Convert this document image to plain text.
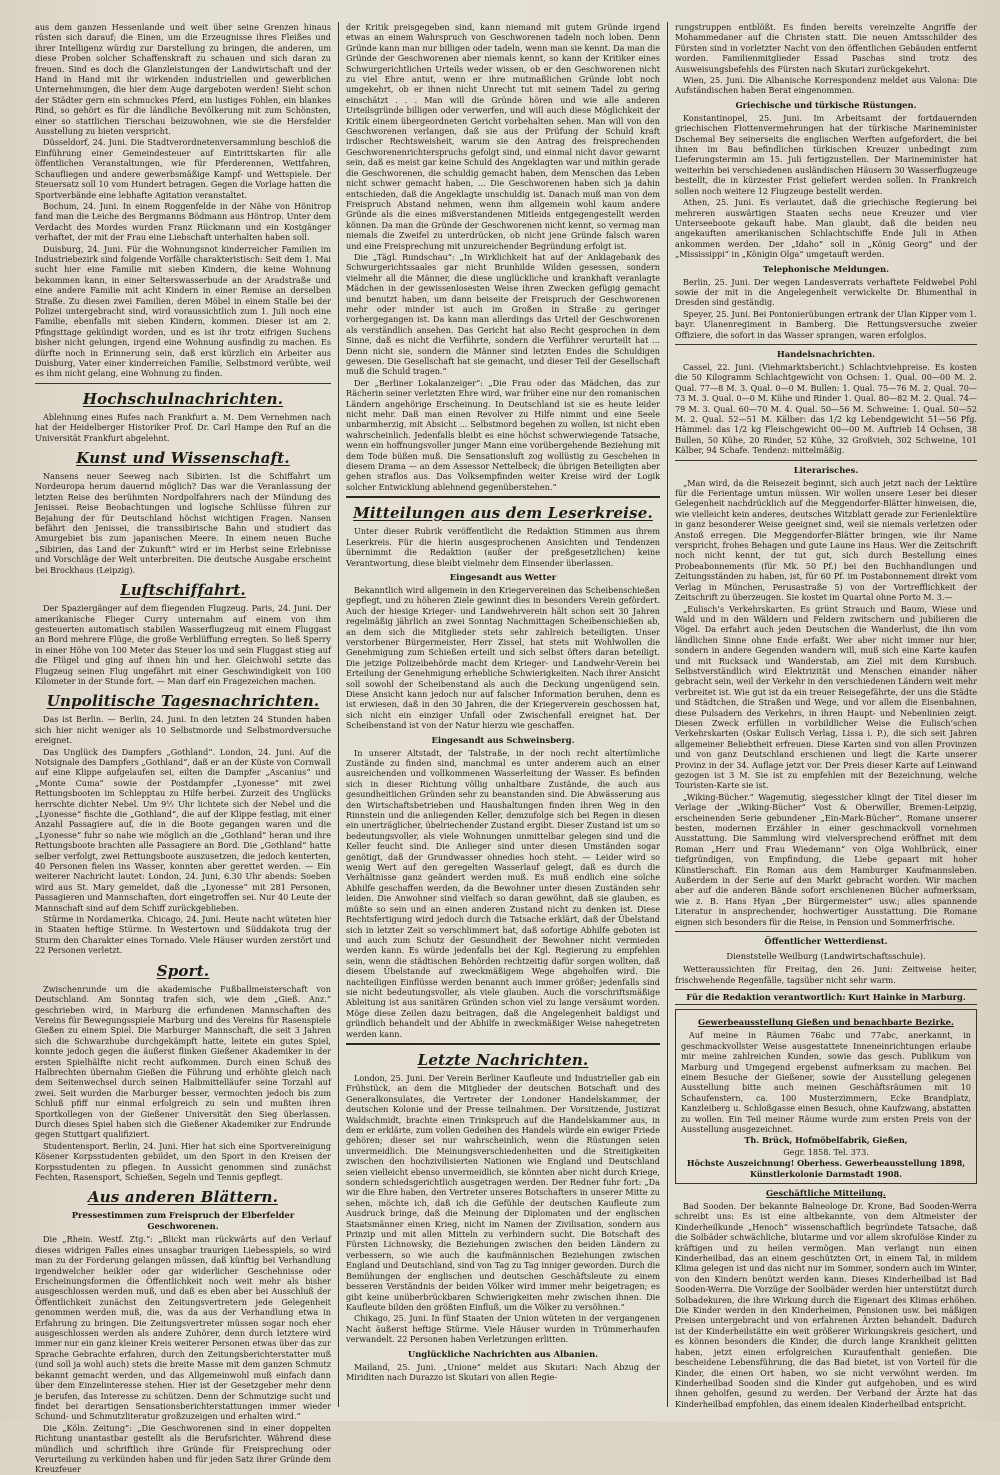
aus dem ganzen Hessenlande und weit über seine Grenzen hinaus rüsten sich darauf; die Einen, um die Erzeugnisse ihres Fleißes und ihrer Intelligenz würdig zur Darstellung zu bringen, die anderen, um diese Proben solcher Schaffenskraft zu schauen und sich daran zu freuen. Sind es doch die Glanzleistungen der Landwirtschaft und der Hand in Hand mit ihr wirkenden industriellen und gewerblichen Unternehmungen, die hier dem Auge dargeboten werden! Sieht schon der Städter gern ein schmuckes Pferd, ein lustiges Fohlen, ein blankes Rind, so gehört es für die ländliche Bevölkerung mit zum Schönsten, einer so stattlichen Tierschau beizuwohnen, wie sie die Hersfelder Ausstellung zu bieten verspricht.

Düsseldorf, 24. Juni. Die Stadtverordnetenversammlung beschloß die Einführung einer Gemeindesteuer auf Eintrittskarten für alle öffentlichen Veranstaltungen, wie für Pferderennen, Wettfahren, Schaufliegen und andere gewerbsmäßige Kampf- und Wettspiele. Der Steuersatz soll 10 vom Hundert betragen. Gegen die Vorlage hatten die Sportverbände eine lebhafte Agitation veranstaltet.

Bochum, 24. Juni. In einem Roggenfelde in der Nähe von Hönitrop fand man die Leiche des Bergmanns Bödmann aus Höntrop. Unter dem Verdacht des Mordes wurden Franz Rückmann und ein Kostgänger verhaftet, der mit der Frau eine Liebschaft unterhalten haben soll.

Duisburg, 24. Juni. Für die Wohnungsnot kinderreicher Familien im Industriebezirk sind folgende Vorfälle charakteristisch: Seit dem 1. Mai sucht hier eine Familie mit sieben Kindern, die keine Wohnung bekommen kann, in einer Selterswasserbude an der Aradstraße und eine andere Familie mit acht Kindern in einer Remise an derselben Straße. Zu diesen zwei Familien, deren Möbel in einem Stalle bei der Polizei untergebracht sind, wird voraussichtlich zum 1. Juli noch eine Familie, ebenfalls mit sieben Kindern, kommen. Dieser ist am 2. Pfingsttage gekündigt worden, und es ist ihr trotz eifrigen Suchens bisher nicht gelungen, irgend eine Wohnung ausfindig zu machen. Es dürfte noch in Erinnerung sein, daß erst kürzlich ein Arbeiter aus Duisburg, Vater einer kinderreichen Familie, Selbstmord verübte, weil es ihm nicht gelang, eine Wohnung zu finden.

Hochschulnachrichten.

Ablehnung eines Rufes nach Frankfurt a. M. Dem Vernehmen nach hat der Heidelberger Historiker Prof. Dr. Carl Hampe den Ruf an die Universität Frankfurt abgelehnt.

Kunst und Wissenschaft.

Nansens neuer Seeweg nach Sibirien. Ist die Schiffahrt um Nordeuropa herum dauernd möglich? Das war die Veranlassung der letzten Reise des berühmten Nordpolfahrers nach der Mündung des Jenissei. Reise Beobachtungen und logische Schlüsse führen zur Bejahung der für Deutschland höchst wichtigen Fragen. Nansen befährt den Jenissei, die transsibirische Bahn und studiert das Amurgebiet bis zum japanischen Meere. In einem neuen Buche „Sibirien, das Land der Zukunft“ wird er im Herbst seine Erlebnisse und Vorschläge der Welt unterbreiten. Die deutsche Ausgabe erscheint bei Brockhaus (Leipzig).

Luftschiffahrt.

Der Spaziergänger auf dem fliegenden Flugzeug. Paris, 24. Juni. Der amerikanische Flieger Curry unternahm auf einem von ihm gesteuerten automatisch stabilen Wasserflugzeug mit einem Fluggast an Bord mehrere Flüge, die große Verblüffung erregten. So ließ Sperry in einer Höhe von 100 Meter das Steuer los und sein Fluggast stieg auf die Flügel und ging auf ihnen hin und her. Gleichwohl setzte das Flugzeug seinen Flug ungefährt mit einer Geschwindigkeit von 100 Kilometer in der Stunde fort. — Man darf ein Fragezeichen machen.

Unpolitische Tagesnachrichten.

Das ist Berlin. — Berlin, 24. Juni. In den letzten 24 Stunden haben sich hier nicht weniger als 10 Selbstmorde und Selbstmordversuche ereignet.

Das Unglück des Dampfers „Gothland“. London, 24. Juni. Auf die Notsignale des Dampfers „Gothland“, daß er an der Küste von Cornwall auf eine Klippe aufgelaufen sei, eilten die Dampfer „Ascanius“ und „Monte Cuma“ sowie der Postdampfer „Lyonesse“ mit zwei Rettungsbooten im Schlepptau zu Hilfe herbei. Zurzeit des Unglücks herrschte dichter Nebel. Um 9½ Uhr lichtete sich der Nebel und die „Lyonesse“ fischte die „Gothland“, die auf der Klippe festlag, mit einer Anzahl Passagiere auf, die in die Boote gegangen waren und die „Lyonesse“ fuhr so nahe wie möglich an die „Gothland“ heran und ihre Rettungsboote brachten alle Passagiere an Bord. Die „Gothland“ hatte selber verfolgt, zwei Rettungsboote auszusetzen, die jedoch kenterten, 40 Personen fielen ins Wasser, konnten aber gerettet werden. — Ein weiterer Nachricht lautet: London, 24. Juni, 6.30 Uhr abends: Soeben wird aus St. Mary gemeldet, daß die „Lyonesse“ mit 281 Personen, Passagieren und Mannschaften, dort eingetroffen sei. Nur 40 Leute der Mannschaft sind auf dem Schiff zurückgeblieben.

Stürme in Nordamerika. Chicago, 24. Juni. Heute nacht wüteten hier in Staaten heftige Stürme. In Westertown und Süddakota trug der Sturm den Charakter eines Tornado. Viele Häuser wurden zerstört und 22 Personen verletzt.

Sport.

Zwischenrunde um die akademische Fußballmeisterschaft von Deutschland. Am Sonntag trafen sich, wie dem „Gieß. Anz.“ geschrieben wird, in Marburg die erfundenen Mannschaften des Vereins für Bewegungsspiele Marburg und des Vereins für Rasenspiele Gießen zu einem Spiel. Die Marburger Mannschaft, die seit 3 Jahren sich die Schwarzhube durchgekämpft hatte, leitete ein gutes Spiel, konnte jedoch gegen die äußerst flinken Gießener Akademiker in der ersten Spielhälfte nicht recht aufkommen. Durch einen Schuß des Halbrechten übernahm Gießen die Führung und erhöhte gleich nach dem Seitenwechsel durch seinen Halbmittelläufer seine Torzahl auf zwei. Seit wurden die Marburger besser, vermochten jedoch bis zum Schluß pfiff nur einmal erfolgreich zu sein und mußten ihren Sportkollegen von der Gießener Universität den Sieg überlassen. Durch dieses Spiel haben sich die Gießener Akademiker zur Endrunde gegen Stuttgart qualifiziert.

Studentensport. Berlin, 24. Juni. Hier hat sich eine Sportvereinigung Kösener Korpsstudenten gebildet, um den Sport in den Kreisen der Korpsstudenten zu pflegen. In Aussicht genommen sind zunächst Fechten, Rasensport, Schießen, Segeln und Tennis gepflegt.

Aus anderen Blättern.
Pressestimmen zum Freispruch der Elberfelder Geschworenen.

Die „Rhein. Westf. Ztg.“: „Blickt man rückwärts auf den Verlauf dieses widrigen Falles eines unsagbar traurigen Liebesspiels, so wird man zu der Forderung gelangen müssen, daß künftig bei Verhandlung irgendwelcher heikler oder gar widerlicher Geschehnisse oder Erscheinungsformen die Öffentlichkeit noch weit mehr als bisher ausgeschlossen werden muß, und daß es eben aber bei Ausschluß der Öffentlichkeit zunächst den Zeitungsvertretern jede Gelegenheit genommen werden muß, die, was da aus der Verhandlung etwa in Erfahrung zu bringen. Die Zeitungsvertreter müssen sogar noch eher ausgeschlossen werden als andere Zuhörer, denn durch letztere wird immer nur ein ganz kleiner Kreis weiterer Personen etwas über das zur Sprache Gebrachte erfahren, durch den Zeitungsberichterstatter muß (und soll ja wohl auch) stets die breite Masse mit dem ganzen Schmutz bekannt gemacht werden, und das Allgemeinwohl muß einfach dann über dem Einzelinteresse stehen. Hier ist der Gesetzgeber mehr denn je berufen, das Interesse zu schützen. Denn der Schmutzige sucht und findet bei derartigen Sensationsberichterstattungen immer wieder Schund- und Schmutzliteratur großzuzeigen und erhalten wird.“

Die „Köln. Zeitung“: „Die Geschworenen sind in einer doppelten Richtung unantastbar gestellt als die Berufsrichter. Während diese mündlich und schriftlich ihre Gründe für Freisprechung oder Verurteilung zu verkünden haben und für jeden Satz ihrer Gründe dem Kreuzfeuer

der Kritik preisgegeben sind, kann niemand mit gutem Gründe irgend etwas an einem Wahrspruch von Geschworenen tadeln noch loben. Denn Gründe kann man nur billigen oder tadeln, wenn man sie kennt. Da man die Gründe der Geschworenen aber niemals kennt, so kann der Kritiker eines Schwurgerichtlichen Urteils weder wissen, ob er den Geschworenen nicht zu viel Ehre antut, wenn er ihre mutmaßlichen Gründe lobt noch umgekehrt, ob er ihnen nicht Unrecht tut mit seinem Tadel zu gering einschätzt . . . Man will die Gründe hören und wie alle anderen Urteilsgründe billigen oder verwerfen, und will auch diese Möglichkeit der Kritik einem übergeordneten Gericht vorbehalten sehen. Man will von den Geschworenen verlangen, daß sie aus der Prüfung der Schuld kraft irdischer Rechtsweisheit, warum sie den Antrag des freisprechenden Geschworenenrichterspruchs gefolgt sind, und einmal nicht davor gewarnt sein, daß es meist gar keine Schuld des Angeklagten war und mithin gerade die Geschworenen, die schuldig gemacht haben, dem Menschen das Leben nicht schwer gemacht haben, ... Die Geschworenen haben sich ja dahin entschieden, daß die Angeklagte unschuldig ist. Danach muß man von dem Freispruch Abstand nehmen, wenn ihm allgemein wohl kaum andere Gründe als die eines mißverstandenen Mitleids entgegengestellt werden können. Da man die Gründe der Geschworenen nicht kennt, so vermag man niemals die Zweifel zu unterdrücken, ob nicht jene Gründe falsch waren und eine Freisprechung mit unzureichender Begründung erfolgt ist.

Die „Tägl. Rundschau“: „In Wirklichkeit hat auf der Anklagebank des Schwurgerichtssaales gar nicht Brunhilde Wilden gesessen, sondern vielmehr all die Männer, die diese unglückliche und krankhaft veranlagte Mädchen in der gewissenlosesten Weise ihren Zwecken gefügig gemacht und benutzt haben, um dann beiseite der Freispruch der Geschworenen mehr oder minder ist auch im Großen in Straße zu geringer vorhergegangen ist. Da kann man allerdings das Urteil der Geschworenen als verständlich ansehen. Das Gericht hat also Recht gesprochen in dem Sinne, daß es nicht die Verführte, sondern die Verführer verurteilt hat ... Denn nicht sie, sondern die Männer sind letzten Endes die Schuldigen gewesen. Die Gesellschaft hat sie gemacht, und dieser Teil der Gesellschaft muß die Schuld tragen.“

Der „Berliner Lokalanzeiger“: „Die Frau oder das Mädchen, das zur Rächerin seiner verletzten Ehre wird, war früher eine nur den romanischen Ländern angehörige Erscheinung. In Deutschland ist sie es heute leider nicht mehr. Daß man einen Revolver zu Hilfe nimmt und eine Seele unbarmherzig, mit Absicht ... Selbstmord begehen zu wollen, ist nicht eben wahrscheinlich. Jedenfalls bleibt es eine höchst schwerwiegende Tatsache, wenn ein hoffnungsvoller junger Mann eine vorübergehende Beziehung mit dem Tode büßen muß. Die Sensationsluft zog wollüstig zu Geschehen in diesem Drama — an dem Assessor Nettelbeck; die übrigen Beteiligten aber gehen straflos aus. Das Volksempfinden weiter Kreise wird der Logik solcher Entwicklung ablehnend gegenüberstehen.“

Mitteilungen aus dem Leserkreise.

Unter dieser Rubrik veröffentlicht die Redaktion Stimmen aus ihrem Leserkreis. Für die hierin ausgesprochenen Ansichten und Tendenzen übernimmt die Redaktion (außer der preßgesetzlichen) keine Verantwortung, diese bleibt vielmehr dem Einsender überlassen.

Eingesandt aus Wetter

Bekanntlich wird allgemein in den Kriegervereinen das Scheibenschießen gepflegt, und zu höheren Ziele gewinnt dies in besonders Verein gefördert. Auch der hiesige Krieger- und Landwehrverein hält schon seit 30 Jahren regelmäßig jährlich an zwei Sonntag Nachmittagen Scheibenschießen ab, an dem sich die Mitglieder stets sehr zahlreich beteiligten. Unser verstorbener Bürgermeister, Herr Zissel, hat stets mit Wohlwollen die Genehmigung zum Schießen erteilt und sich selbst öfters daran beteiligt. Die jetzige Polizeibehörde macht dem Krieger- und Landwehr-Verein bei Erteilung der Genehmigung erhebliche Schwierigkeiten. Nach ihrer Ansicht soll sowohl der Scheibenstand als auch die Deckung ungenügend sein. Diese Ansicht kann jedoch nur auf falscher Information beruhen, denn es ist erwiesen, daß in den 30 Jahren, die der Kriegerverein geschossen hat, sich nicht ein einziger Unfall oder Zwischenfall ereignet hat. Der Scheibenstand ist von der Natur hierzu wie geschaffen.

Eingesandt aus Schweinsberg.

In unserer Altstadt, der Talstraße, in der noch recht altertümliche Zustände zu finden sind, manchmal es unter anderem auch an einer ausreichenden und vollkommenen Wasserleitung der Wasser. Es befinden sich in dieser Richtung völlig unhaltbare Zustände, die auch aus gesundheitlichen Gründen sehr zu beanstanden sind. Die Abwässerung aus den Wirtschaftsbetrieben und Haushaltungen finden ihren Weg in den Rinnstein und die anliegenden Keller, demzufolge sich bei Regen in diesen ein unerträglicher, übelriechender Zustand ergibt. Dieser Zustand ist um so bedeutungsvoller, als viele Wohnungen unmittelbar gelegen sind und die Keller feucht sind. Die Anlieger sind unter diesen Umständen sogar genötigt, daß der Grundwasser ohnedies hoch steht. — Leider wird so wenig Wert auf den geregelten Wasserlauf gelegt, daß es durch die Verhältnisse ganz geändert werden muß. Es muß endlich eine solche Abhilfe geschaffen werden, da die Bewohner unter diesen Zuständen sehr leiden. Die Anwohner sind vielfach so daran gewöhnt, daß sie glauben, es müßte so sein und an einen anderen Zustand nicht zu denken ist. Diese Rechtsfertigung wird jedoch durch die Tatsache erklärt, daß der Übelstand sich in letzter Zeit so verschlimmert hat, daß sofortige Abhilfe geboten ist und auch zum Schutz der Gesundheit der Bewohner nicht vermieden werden kann. Es würde jedenfalls bei der Kgl. Regierung zu empfehlen sein, wenn die städtischen Behörden rechtzeitig dafür sorgen wollten, daß diesem Übelstande auf zweckmäßigem Wege abgeholfen wird. Die nachteiligen Einflüsse werden benannt auch immer größer; jedenfalls sind sie nicht bedeutungsvoller, als viele glauben. Auch die vorschriftsmäßige Ableitung ist aus sanitären Gründen schon viel zu lange versäumt worden. Möge diese Zeilen dazu beitragen, daß die Angelegenheit baldigst und gründlich behandelt und der Abhilfe in zweckmäßiger Weise nahegetreten werden kann.

Letzte Nachrichten.

London, 25. Juni. Der Verein Berliner Kaufleute und Industrieller gab ein Frühstück, an dem die Mitglieder der deutschen Botschaft und des Generalkonsulates, die Vertreter der Londoner Handelskammer, der deutschen Kolonie und der Presse teilnahmen. Der Vorsitzende, Justizrat Waldschmidt, brachte einen Trinkspruch auf die Handelskammer aus, in dem er erklärte, zum vollen Gedeihen des Handels würde ein ewiger Friede gehören; dieser sei nur wahrscheinlich, wenn die Rüstungen seien unvermeidlich. Die Meinungsverschiedenheiten und die Streitigkeiten zwischen den hochzivilisierten Nationen wie England und Deutschland seien vielleicht ebenso unvermeidlich, sie könnten aber nicht durch Kriege, sondern schiedsgerichtlich ausgetragen werden. Der Redner fuhr fort: „Da wir die Ehre haben, den Vertreter unseres Botschafters in unserer Mitte zu sehen, möchte ich, daß ich die Gefühle der deutschen Kaufleute zum Ausdruck bringe, daß die Meinung der Diplomaten und der englischen Staatsmänner einen Krieg, nicht im Namen der Zivilisation, sondern aus Prinzip und mit allen Mitteln zu verhindern sucht. Die Botschaft des Fürsten Lichnowsky, die Beziehungen zwischen den beiden Ländern zu verbessern, so wie auch die kaufmännischen Beziehungen zwischen England und Deutschland, sind von Tag zu Tag inniger geworden. Durch die Bemühungen der englischen und deutschen Geschäftsleute zu einem besseren Verständnis der beiden Völker wird immer mehr beigetragen; es gibt keine unüberbrückbaren Schwierigkeiten mehr zwischen ihnen. Die Kaufleute bilden den größten Einfluß, um die Völker zu versöhnen.“

Chikago, 25. Juni. In fünf Staaten der Union wüteten in der vergangenen Nacht äußerst heftige Stürme. Viele Häuser wurden in Trümmerhaufen verwandelt. 22 Personen haben Verletzungen erlitten.

Unglückliche Nachrichten aus Albanien.

Mailand, 25. Juni. „Unione“ meldet aus Skutari: Nach Abzug der Miriditen nach Durazzo ist Skutari von allen Regie-

rungstruppen entblößt. Es finden bereits vereinzelte Angriffe der Mohammedaner auf die Christen statt. Die neuen Amtsschilder des Fürsten sind in vorletzter Nacht von den öffentlichen Gebäuden entfernt worden. Familienmitglieder Essad Paschas sind trotz des Ausweisungsbefehls des Fürsten nach Skutari zurückgekehrt.

Wien, 25. Juni. Die Albanische Korrespondenz meldet aus Valona: Die Aufständischen haben Berat eingenommen.

Griechische und türkische Rüstungen.

Konstantinopel, 25. Juni. Im Arbeitsamt der fortdauernden griechischen Flottenvermehrungen hat der türkische Marineminister Dschemal Bey seinerseits die englischen Werften aufgefordert, die bei ihnen im Bau befindlichen türkischen Kreuzer unbedingt zum Lieferungstermin am 15. Juli fertigzustellen. Der Marineminister hat weiterhin bei verschiedenen ausländischen Häusern 30 Wasserflugzeuge bestellt, die in kürzester Frist geliefert werden sollen. In Frankreich sollen noch weitere 12 Flugzeuge bestellt werden.

Athen, 25. Juni. Es verlautet, daß die griechische Regierung bei mehreren auswärtigen Staaten sechs neue Kreuzer und vier Unterseeboote gekauft habe. Man glaubt, daß die beiden neu angekauften amerikanischen Schlachtschiffe Ende Juli in Athen ankommen werden. Der „Idaho“ soll in „König Georg“ und der „Mississippi“ in „Königin Olga“ umgetauft werden.

Telephonische Meldungen.

Berlin, 25. Juni. Der wegen Landesverrats verhaftete Feldwebel Pohl sowie der mit in die Angelegenheit verwickelte Dr. Blumenthal in Dresden sind geständig.

Speyer, 25. Juni. Bei Pontonierübungen ertrank der Ulan Kipper vom 1. bayr. Ulanenregiment in Bamberg. Die Rettungsversuche zweier Offiziere, die sofort in das Wasser sprangen, waren erfolglos.

Handelsnachrichten.

Cassel, 22. Juni. (Viehmarktsbericht.) Schlachtviehpreise. Es kosten die 50 Kilogramm Schlachtgewicht von Ochsen: 1. Qual. 00—00 M. 2. Qual. 77—8 M. 3. Qual. 0—0 M. Bullen: 1. Qual. 75—76 M. 2. Qual. 70—73 M. 3. Qual. 0—0 M. Kühe und Rinder 1. Qual. 80—82 M. 2. Qual. 74—79 M. 3. Qual. 60—70 M. 4. Qual. 50—56 M. Schweine: 1. Qual. 50—52 M. 2. Qual. 52—51 M. Kälber: das 1/2 kg Lebendgewicht 51—56 Pfg. Hämmel: das 1/2 kg Fleischgewicht 00—00 M. Auftrieb 14 Ochsen, 38 Bullen, 50 Kühe, 20 Rinder, 52 Kühe, 32 Großvieh, 302 Schweine, 101 Kälber, 94 Schafe. Tendenz: mittelmäßig.

Literarisches.

„Man wird, da die Reisezeit beginnt, sich auch jetzt nach der Lektüre für die Ferientage umtun müssen. Wir wollen unsere Leser bei dieser Gelegenheit nachdrücklich auf die Meggendorfer-Blätter hinweisen, die, wie vielleicht kein anderes, deutsches Witzblatt gerade zur Ferienlektüre in ganz besonderer Weise geeignet sind, weil sie niemals verletzen oder Anstoß erregen. Die Meggendorfer-Blätter bringen, wie ihr Name verspricht, frohes Behagen und gute Laune ins Haus. Wer die Zeitschrift noch nicht kennt, der tut gut, sich durch Bestellung eines Probeabonnements (für Mk. 50 Pf.) bei den Buchhandlungen und Zeitungsständen zu haben, ist, für 60 Pf. im Postabonnement direkt vom Verlag in München, Perusastraße 5) von der Vortrefflichkeit der Zeitschrift zu überzeugen. Sie kostet im Quartal ohne Porto M. 3.—

„Eulisch’s Verkehrskarten. Es grünt Strauch und Baum, Wiese und Wald und in den Wäldern und Feldern zwitschern und jubilieren die Vögel. Da erfahrt auch jeden Deutschen die Wanderlust, die ihn vom ländlichen Sinne ohne Ende erfaßt. Wer aber nicht immer nur hier, sondern in andere Gegenden wandern will, muß sich eine Karte kaufen und mit Rucksack und Wanderstab, am Ziel mit dem Kursbuch. Selbstverständlich wird Elektrizität und Menschen einander näher gebracht sein, weil der Verkehr in den verschiedenen Ländern weit mehr verbreitet ist. Wie gut ist da ein treuer Reisegefährte, der uns die Städte und Städtchen, die Straßen und Wege, und vor allem die Eisenbahnen, diese Pulsadern des Verkehrs, in ihren Haupt- und Nebenlinien zeigt. Diesen Zweck erfüllen in vorbildlicher Weise die Eulisch’schen Verkehrskarten (Oskar Eulisch Verlag, Lissa i. P.), die sich seit Jahren allgemeiner Beliebtheit erfreuen. Diese Karten sind von allen Provinzen und von ganz Deutschland erschienen und liegt die Karte unserer Provinz in der 34. Auflage jetzt vor. Der Preis dieser Karte auf Leinwand gezogen ist 3 M. Sie ist zu empfehlen mit der Bezeichnung, welche Touristen-Karte sie ist.

„Wiking-Bücher.“ Wagemutig, siegessicher klingt der Titel dieser im Verlage der „Wiking-Bücher“ Vost & Oberwiller, Bremen-Leipzig, erscheinenden Serie gebundener „Ein-Mark-Bücher“. Romane unserer besten, modernen Erzähler in einer geschmackvoll vornehmen Ausstattung. Die Sammlung wird vielversprechend eröffnet mit dem Roman „Herr und Frau Wiedemann“ von Olga Wohlbrück, einer tiefgründigen, von Empfindung, die Liebe gepaart mit hoher Künstlerschaft. Ein Roman aus dem Hamburger Kaufmannsleben. Außerdem in der Serie auf den Markt gebracht worden. Wir machen aber auf die anderen Bände sofort erschienenen Bücher aufmerksam, wie z. B. Hans Hyan „Der Bürgermeister“ usw.; alles spannende Literatur in ansprechender, hochwertiger Ausstattung. Die Romane eignen sich besonders für die Reise, in Pension und Sommerfrische.

Öffentlicher Wetterdienst.
Dienststelle Weilburg (Landwirtschaftsschule).

Wetteraussichten für Freitag, den 26. Juni: Zeitweise heiter, frischwehende Regenfälle, tagsüber nicht sehr warm.

Für die Redaktion verantwortlich: Kurt Hainke in Marburg.
Gewerbeausstellung Gießen und benachbarte Bezirke.

Auf meine in Räumen 76abc und 77abc, anerkannt, in geschmackvollster Weise ausgestattete Inneneinrichtungen erlaube mir meine zahlreichen Kunden, sowie das gesch. Publikum von Marburg und Umgegend ergebenst aufmerksam zu machen. Bei einem Besuche der Gießener, sowie der Ausstellung gelegenen Ausstellung bitte auch meinen Geschäftsräumen mit 10 Schaufenstern, ca. 100 Musterzimmern, Ecke Brandplatz, Kanzleiberg u. Schloßgasse einen Besuch, ohne Kaufzwang, abstatten zu wollen. Ein Teil meiner Räume wurde zum ersten Preis von der Ausstellung ausgezeichnet.

Th. Brück, Hofmöbelfabrik, Gießen,

Gegr. 1858. Tel. 373.

Höchste Auszeichnung! Oberhess. Gewerbeausstellung 1898, Künstlerkolonie Darmstadt 1908.

Geschäftliche Mitteilung.

Bad Sooden. Der bekannte Balneologe Dr. Krone, Bad Sooden-Werra schreibt uns: Es ist eine altbekannte, von dem Altmeister der Kinderheilkunde „Henoch“ wissenschaftlich begründete Tatsache, daß die Solbäder schwächliche, blutarme und vor allem skrofulöse Kinder zu kräftigen und zu heilen vermögen. Man verlangt nun einen Kinderheilbad, das an einem geschützten Ort, in einem Tal, in mildem Klima gelegen ist und das nicht nur im Sommer, sondern auch im Winter, von den Kindern benützt werden kann. Dieses Kinderheilbad ist Bad Sooden-Werra. Die Vorzüge der Soolbäder werden hier unterstützt durch Solbadekuren, die ihre Wirkung durch die Eigenart des Klimas erhöhen. Die Kinder werden in den Kinderheimen, Pensionen usw. bei mäßigen Preisen untergebracht und von erfahrenen Ärzten behandelt. Dadurch ist der Kinderheilstätte ein weit größerer Wirkungskreis gesichert, und es können besonders die Kinder, die durch lange Krankheit gelitten haben, jetzt einen erfolgreichen Kuraufenthalt genießen. Die bescheidene Lebensführung, die das Bad bietet, ist von Vorteil für die Kinder, die einen Ort haben, wo sie nicht verwöhnt werden. Im Kinderheilbad Sooden sind die Kinder gut aufgehoben, und es wird ihnen geholfen, gesund zu werden. Der Verband der Ärzte hat das Kinderheilbad empfohlen, das einem idealen Kinderheilbad entspricht.
